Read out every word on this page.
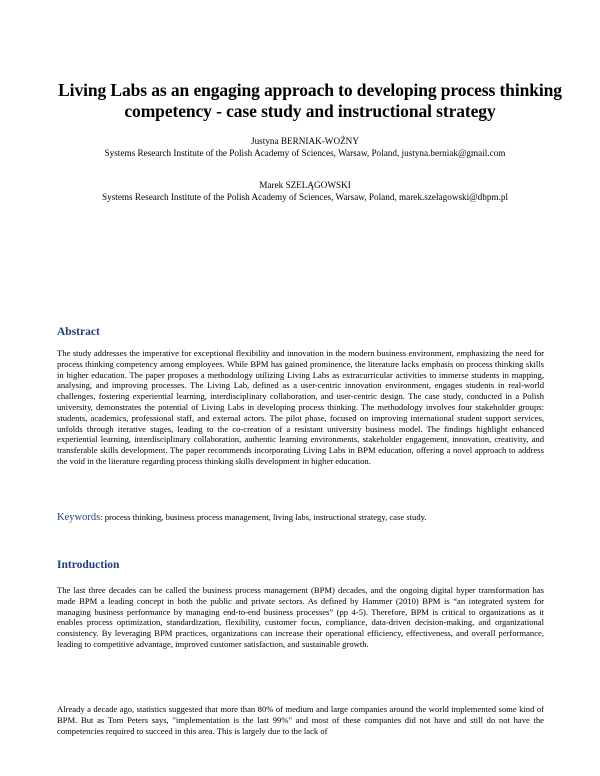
Living Labs as an engaging approach to developing process thinking competency - case study and instructional strategy
Justyna BERNIAK-WOŹNY
Systems Research Institute of the Polish Academy of Sciences, Warsaw, Poland, justyna.berniak@gmail.com
Marek SZELĄGOWSKI
Systems Research Institute of the Polish Academy of Sciences, Warsaw, Poland, marek.szelagowski@dbpm.pl
Abstract
The study addresses the imperative for exceptional flexibility and innovation in the modern business environment, emphasizing the need for process thinking competency among employees. While BPM has gained prominence, the literature lacks emphasis on process thinking skills in higher education. The paper proposes a methodology utilizing Living Labs as extracurricular activities to immerse students in mapping, analysing, and improving processes. The Living Lab, defined as a user-centric innovation environment, engages students in real-world challenges, fostering experiential learning, interdisciplinary collaboration, and user-centric design. The case study, conducted in a Polish university, demonstrates the potential of Living Labs in developing process thinking. The methodology involves four stakeholder groups: students, academics, professional staff, and external actors. The pilot phase, focused on improving international student support services, unfolds through iterative stages, leading to the co-creation of a resistant university business model. The findings highlight enhanced experiential learning, interdisciplinary collaboration, authentic learning environments, stakeholder engagement, innovation, creativity, and transferable skills development. The paper recommends incorporating Living Labs in BPM education, offering a novel approach to address the void in the literature regarding process thinking skills development in higher education.
Keywords: process thinking, business process management, living labs, instructional strategy, case study.
Introduction
The last three decades can be called the business process management (BPM) decades, and the ongoing digital hyper transformation has made BPM a leading concept in both the public and private sectors. As defined by Hammer (2010) BPM is “an integrated system for managing business performance by managing end-to-end business processes” (pp 4-5). Therefore, BPM is critical to organizations as it enables process optimization, standardization, flexibility, customer focus, compliance, data-driven decision-making, and organizational consistency. By leveraging BPM practices, organizations can increase their operational efficiency, effectiveness, and overall performance, leading to competitive advantage, improved customer satisfaction, and sustainable growth.
Already a decade ago, statistics suggested that more than 80% of medium and large companies around the world implemented some kind of BPM. But as Tom Peters says, "implementation is the last 99%" and most of these companies did not have and still do not have the competencies required to succeed in this area. This is largely due to the lack of
